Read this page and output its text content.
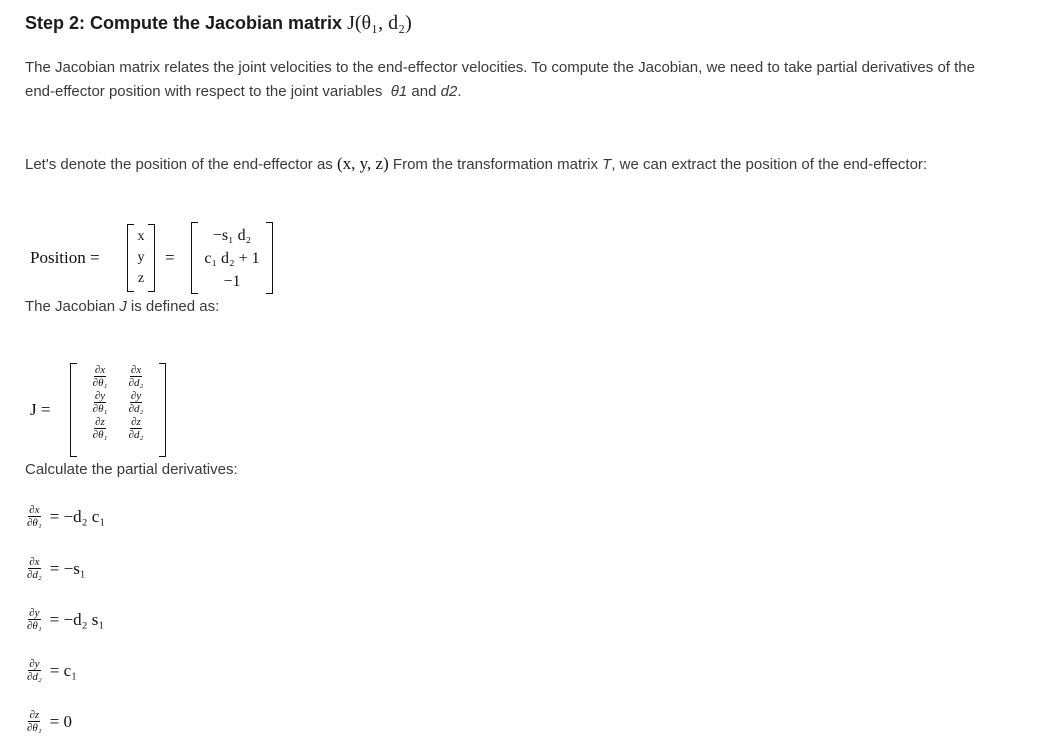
Step 2: Compute the Jacobian matrix J(θ₁, d₂)
The Jacobian matrix relates the joint velocities to the end-effector velocities. To compute the Jacobian, we need to take partial derivatives of the
end-effector position with respect to the joint variables θ1 and d2.
Let's denote the position of the end-effector as (x, y, z) From the transformation matrix T, we can extract the position of the end-effector:
Position =
x
y
z
=
−s₁ d₂
c₁ d₂ + 1
−1
The Jacobian J is defined as:
J =
$\frac{\partial x}{\text{∂θ₁}} \frac{\partial x}{\text{∂d₂}}$
$\frac{\partial y}{\text{∂θ₁}} \frac{\partial y}{\text{∂d₂}}$
$\frac{\partial z}{\text{∂θ₁}} \frac{\partial z}{\text{∂d₂}}$
Calculate the partial derivatives:
$\frac{\partial x}{\text{∂θ₁}} = -d_2$ c₁
$\frac{\partial x}{\text{∂d₂}} = -s_1$
$\frac{\partial y}{\text{∂θ₁}} = -d_2$ s₁
$\frac{\partial y}{\text{∂d₂}} = c_1$
$\frac{\partial z}{\text{∂θ₁}} = 0$
